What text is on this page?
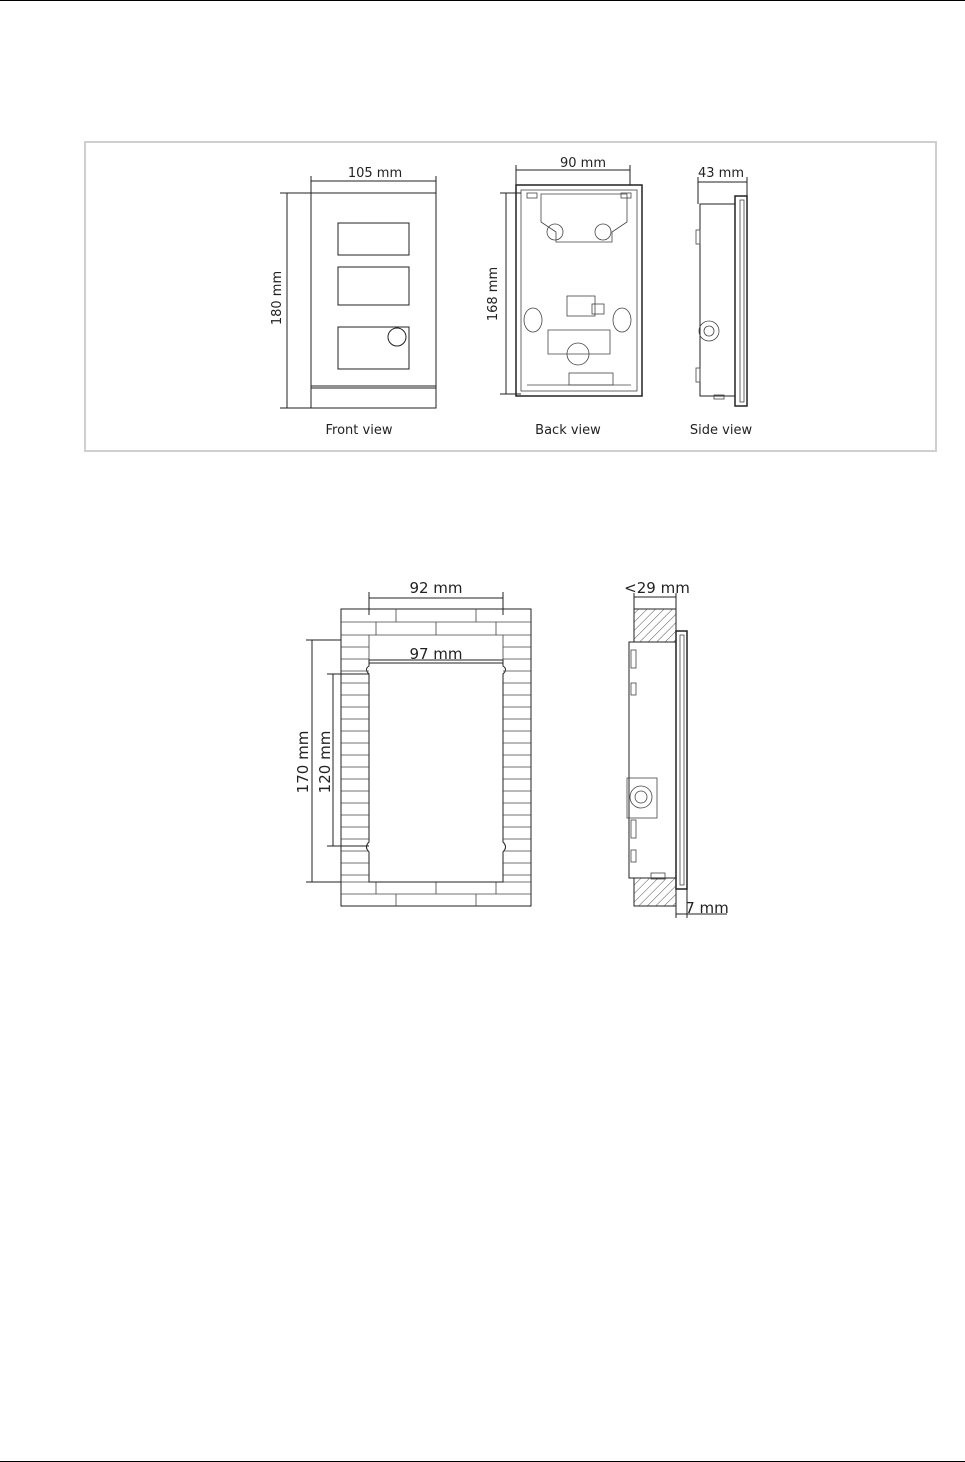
105 mm
180 mm
Front view
90 mm
168 mm
Back view
43 mm
Side view
92 mm
97 mm
170 mm 120 mm
<29 mm
7 mm
